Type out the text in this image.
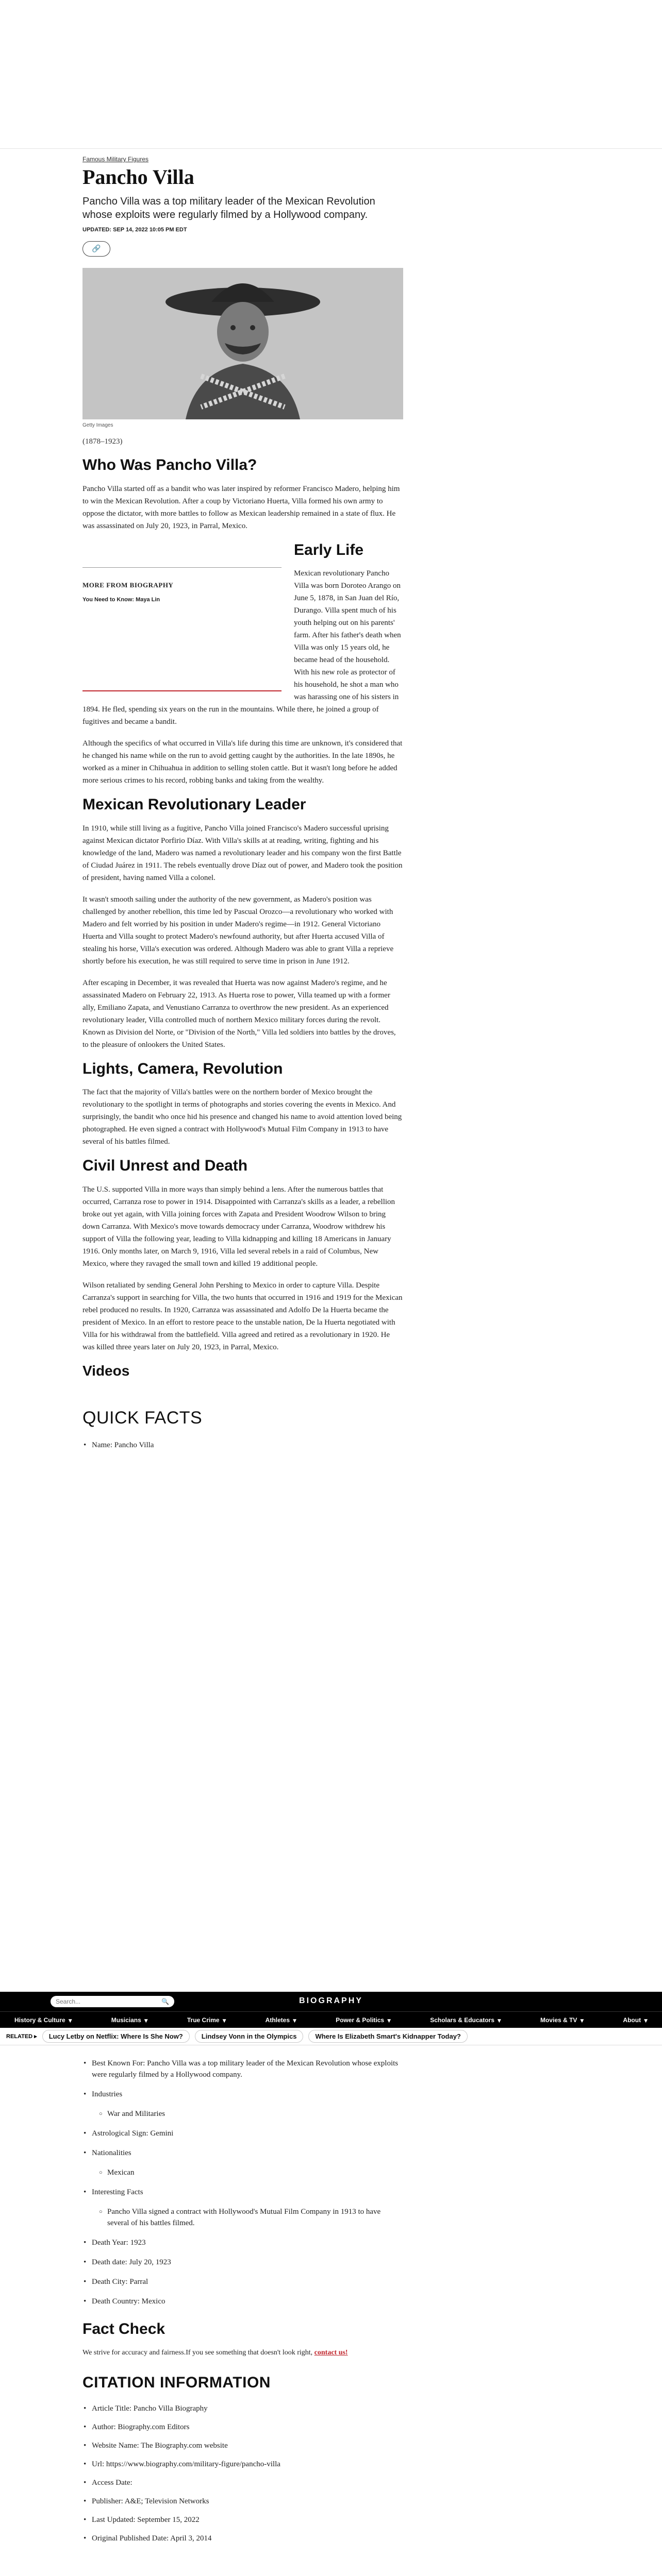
Famous Military Figures
Pancho Villa

Pancho Villa was a top military leader of the Mexican Revolution whose exploits were regularly filmed by a Hollywood company.

UPDATED: SEP 14, 2022 10:05 PM EDT
🔗
Getty Images
(1878–1923)
Who Was Pancho Villa?

Pancho Villa started off as a bandit who was later inspired by reformer Francisco Madero, helping him to win the Mexican Revolution. After a coup by Victoriano Huerta, Villa formed his own army to oppose the dictator, with more battles to follow as Mexican leadership remained in a state of flux. He was assassinated on July 20, 1923, in Parral, Mexico.

MORE FROM BIOGRAPHY
You Need to Know: Maya Lin
Early Life

Mexican revolutionary Pancho Villa was born Doroteo Arango on June 5, 1878, in San Juan del Río, Durango. Villa spent much of his youth helping out on his parents' farm. After his father's death when Villa was only 15 years old, he became head of the household. With his new role as protector of his household, he shot a man who was harassing one of his sisters in 1894. He fled, spending six years on the run in the mountains. While there, he joined a group of fugitives and became a bandit.

Although the specifics of what occurred in Villa's life during this time are unknown, it's considered that he changed his name while on the run to avoid getting caught by the authorities. In the late 1890s, he worked as a miner in Chihuahua in addition to selling stolen cattle. But it wasn't long before he added more serious crimes to his record, robbing banks and taking from the wealthy.

Mexican Revolutionary Leader

In 1910, while still living as a fugitive, Pancho Villa joined Francisco's Madero successful uprising against Mexican dictator Porfirio Díaz. With Villa's skills at at reading, writing, fighting and his knowledge of the land, Madero was named a revolutionary leader and his company won the first Battle of Ciudad Juárez in 1911. The rebels eventually drove Díaz out of power, and Madero took the position of president, having named Villa a colonel.

It wasn't smooth sailing under the authority of the new government, as Madero's position was challenged by another rebellion, this time led by Pascual Orozco—a revolutionary who worked with Madero and felt worried by his position in under Madero's regime—in 1912. General Victoriano Huerta and Villa sought to protect Madero's newfound authority, but after Huerta accused Villa of stealing his horse, Villa's execution was ordered. Although Madero was able to grant Villa a reprieve shortly before his execution, he was still required to serve time in prison in June 1912.

After escaping in December, it was revealed that Huerta was now against Madero's regime, and he assassinated Madero on February 22, 1913. As Huerta rose to power, Villa teamed up with a former ally, Emiliano Zapata, and Venustiano Carranza to overthrow the new president. As an experienced revolutionary leader, Villa controlled much of northern Mexico military forces during the revolt. Known as Division del Norte, or "Division of the North," Villa led soldiers into battles by the droves, to the pleasure of onlookers the United States.

Lights, Camera, Revolution

The fact that the majority of Villa's battles were on the northern border of Mexico brought the revolutionary to the spotlight in terms of photographs and stories covering the events in Mexico. And surprisingly, the bandit who once hid his presence and changed his name to avoid attention loved being photographed. He even signed a contract with Hollywood's Mutual Film Company in 1913 to have several of his battles filmed.

Civil Unrest and Death

The U.S. supported Villa in more ways than simply behind a lens. After the numerous battles that occurred, Carranza rose to power in 1914. Disappointed with Carranza's skills as a leader, a rebellion broke out yet again, with Villa joining forces with Zapata and President Woodrow Wilson to bring down Carranza. With Mexico's move towards democracy under Carranza, Woodrow withdrew his support of Villa the following year, leading to Villa kidnapping and killing 18 Americans in January 1916. Only months later, on March 9, 1916, Villa led several rebels in a raid of Columbus, New Mexico, where they ravaged the small town and killed 19 additional people.

Wilson retaliated by sending General John Pershing to Mexico in order to capture Villa. Despite Carranza's support in searching for Villa, the two hunts that occurred in 1916 and 1919 for the Mexican rebel produced no results. In 1920, Carranza was assassinated and Adolfo De la Huerta became the president of Mexico. In an effort to restore peace to the unstable nation, De la Huerta negotiated with Villa for his withdrawal from the battlefield. Villa agreed and retired as a revolutionary in 1920. He was killed three years later on July 20, 1923, in Parral, Mexico.

Videos
QUICK FACTS
• Name: Pancho Villa
Search...	🔍	BIOGRAPHY
History & Culture ▼	Musicians ▼	True Crime ▼	Athletes ▼	Power & Politics ▼	Scholars & Educators ▼	Movies & TV ▼	About ▼
RELATED ▸	Lucy Letby on Netflix: Where Is She Now?	Lindsey Vonn in the Olympics	Where Is Elizabeth Smart's Kidnapper Today?
• Best Known For: Pancho Villa was a top military leader of the Mexican Revolution whose exploits were regularly filmed by a Hollywood company.
• Industries
○ War and Militaries
• Astrological Sign: Gemini
• Nationalities
○ Mexican
• Interesting Facts
○ Pancho Villa signed a contract with Hollywood's Mutual Film Company in 1913 to have several of his battles filmed.
• Death Year: 1923
• Death date: July 20, 1923
• Death City: Parral
• Death Country: Mexico
Fact Check

We strive for accuracy and fairness.If you see something that doesn't look right, contact us!

CITATION INFORMATION
• Article Title: Pancho Villa Biography
• Author: Biography.com Editors
• Website Name: The Biography.com website
• Url: https://www.biography.com/military-figure/pancho-villa
• Access Date:
• Publisher: A&E; Television Networks
• Last Updated: September 15, 2022
• Original Published Date: April 3, 2014
